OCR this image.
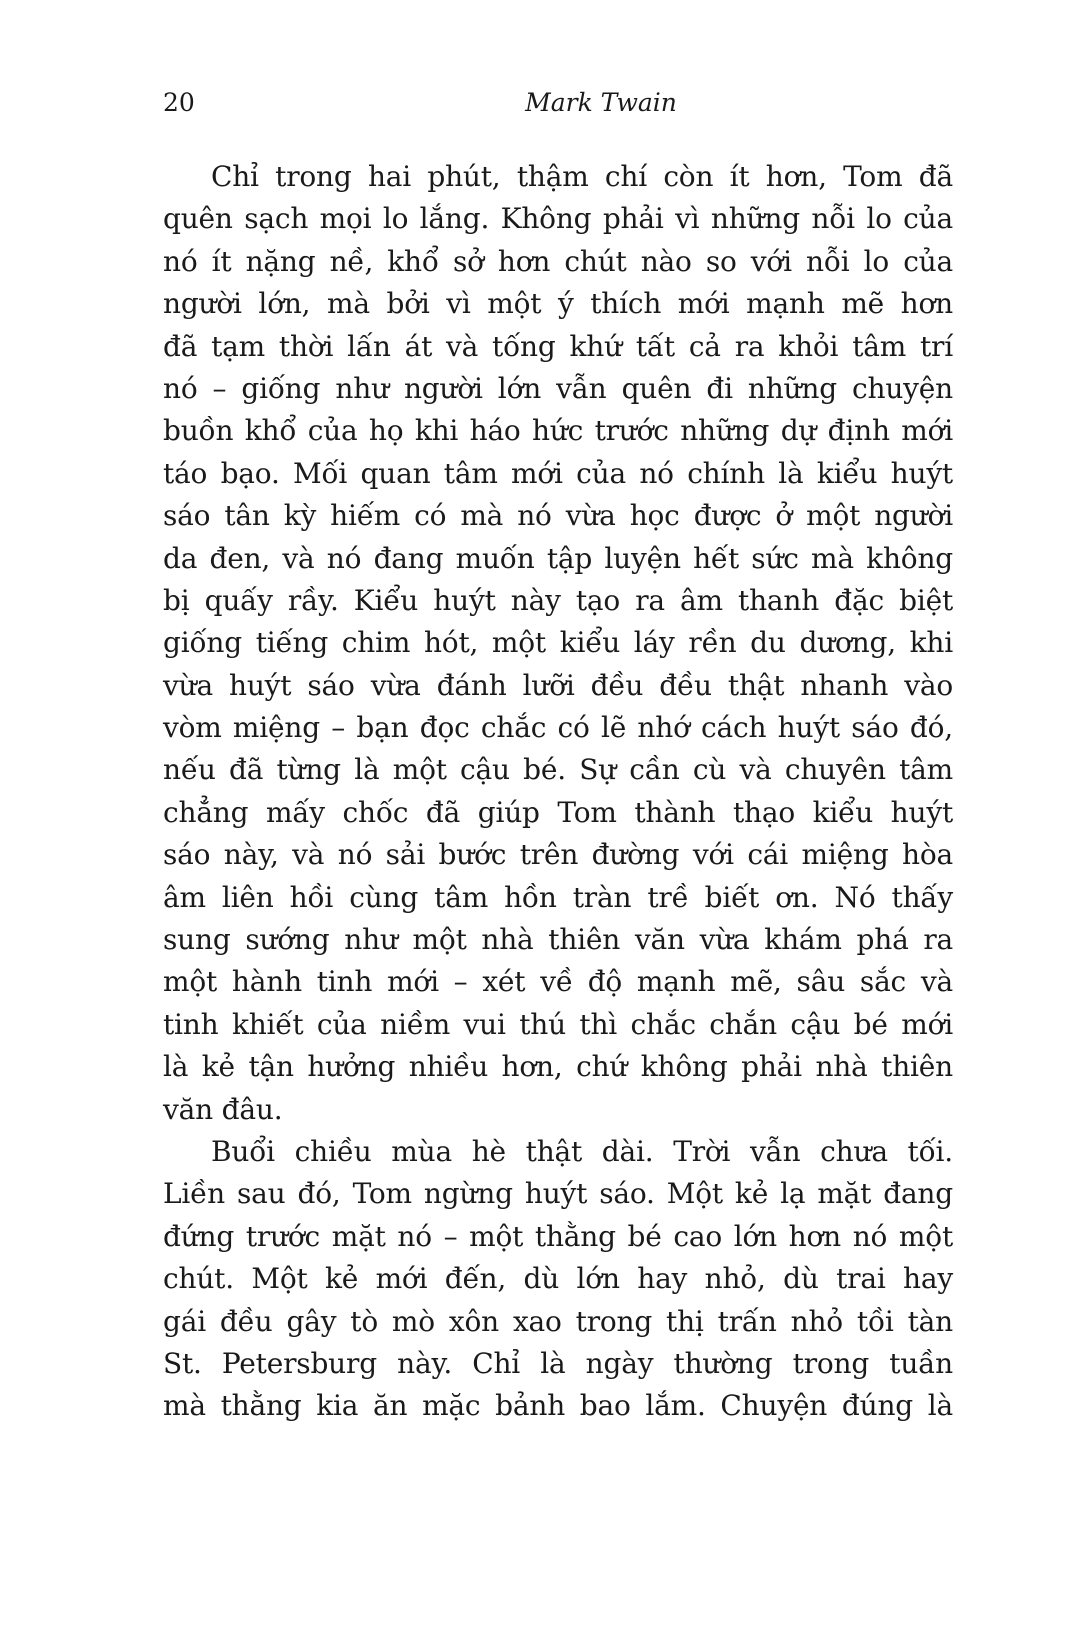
20	Mark Twain
Chỉ trong hai phút, thậm chí còn ít hơn, Tom đã
quên sạch mọi lo lắng. Không phải vì những nỗi lo của
nó ít nặng nề, khổ sở hơn chút nào so với nỗi lo của
người lớn, mà bởi vì một ý thích mới mạnh mẽ hơn
đã tạm thời lấn át và tống khứ tất cả ra khỏi tâm trí
nó – giống như người lớn vẫn quên đi những chuyện
buồn khổ của họ khi háo hức trước những dự định mới
táo bạo. Mối quan tâm mới của nó chính là kiểu huýt
sáo tân kỳ hiếm có mà nó vừa học được ở một người
da đen, và nó đang muốn tập luyện hết sức mà không
bị quấy rầy. Kiểu huýt này tạo ra âm thanh đặc biệt
giống tiếng chim hót, một kiểu láy rền du dương, khi
vừa huýt sáo vừa đánh lưỡi đều đều thật nhanh vào
vòm miệng – bạn đọc chắc có lẽ nhớ cách huýt sáo đó,
nếu đã từng là một cậu bé. Sự cần cù và chuyên tâm
chẳng mấy chốc đã giúp Tom thành thạo kiểu huýt
sáo này, và nó sải bước trên đường với cái miệng hòa
âm liên hồi cùng tâm hồn tràn trề biết ơn. Nó thấy
sung sướng như một nhà thiên văn vừa khám phá ra
một hành tinh mới – xét về độ mạnh mẽ, sâu sắc và
tinh khiết của niềm vui thú thì chắc chắn cậu bé mới
là kẻ tận hưởng nhiều hơn, chứ không phải nhà thiên
văn đâu.
Buổi chiều mùa hè thật dài. Trời vẫn chưa tối.
Liền sau đó, Tom ngừng huýt sáo. Một kẻ lạ mặt đang
đứng trước mặt nó – một thằng bé cao lớn hơn nó một
chút. Một kẻ mới đến, dù lớn hay nhỏ, dù trai hay
gái đều gây tò mò xôn xao trong thị trấn nhỏ tồi tàn
St. Petersburg này. Chỉ là ngày thường trong tuần
mà thằng kia ăn mặc bảnh bao lắm. Chuyện đúng là
